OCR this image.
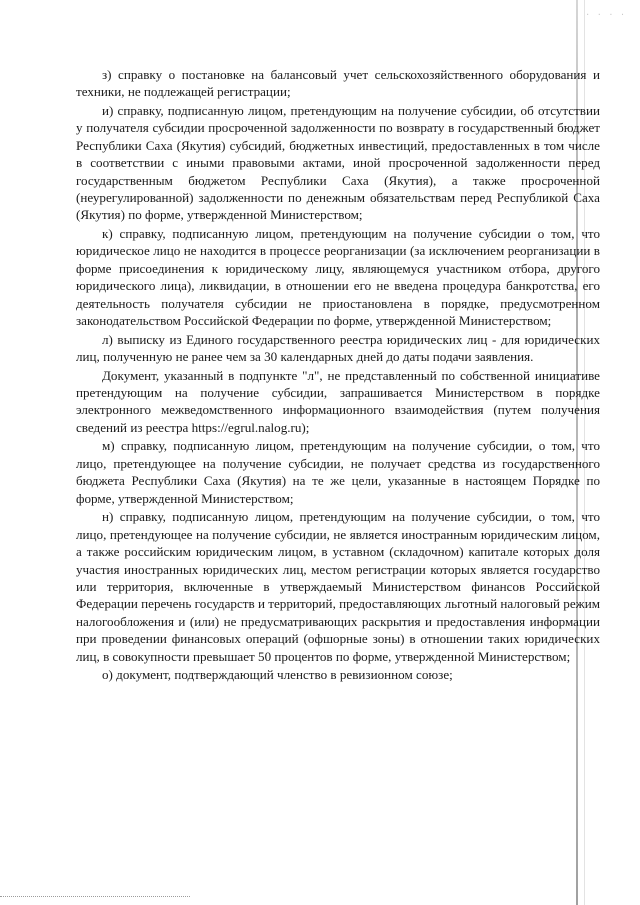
· · · ·

з) справку о постановке на балансовый учет сельскохозяйственного оборудования и техники, не подлежащей регистрации;

и) справку, подписанную лицом, претендующим на получение субсидии, об отсутствии у получателя субсидии просроченной задолженности по возврату в государственный бюджет Республики Саха (Якутия) субсидий, бюджетных инвестиций, предоставленных в том числе в соответствии с иными правовыми актами, иной просроченной задолженности перед государственным бюджетом Республики Саха (Якутия), а также просроченной (неурегулированной) задолженности по денежным обязательствам перед Республикой Саха (Якутия) по форме, утвержденной Министерством;

к) справку, подписанную лицом, претендующим на получение субсидии о том, что юридическое лицо не находится в процессе реорганизации (за исключением реорганизации в форме присоединения к юридическому лицу, являющемуся участником отбора, другого юридического лица), ликвидации, в отношении его не введена процедура банкротства, его деятельность получателя субсидии не приостановлена в порядке, предусмотренном законодательством Российской Федерации по форме, утвержденной Министерством;

л) выписку из Единого государственного реестра юридических лиц - для юридических лиц, полученную не ранее чем за 30 календарных дней до даты подачи заявления.

Документ, указанный в подпункте "л", не представленный по собственной инициативе претендующим на получение субсидии, запрашивается Министерством в порядке электронного межведомственного информационного взаимодействия (путем получения сведений из реестра https://egrul.nalog.ru);

м) справку, подписанную лицом, претендующим на получение субсидии, о том, что лицо, претендующее на получение субсидии, не получает средства из государственного бюджета Республики Саха (Якутия) на те же цели, указанные в настоящем Порядке по форме, утвержденной Министерством;

н) справку, подписанную лицом, претендующим на получение субсидии, о том, что лицо, претендующее на получение субсидии, не является иностранным юридическим лицом, а также российским юридическим лицом, в уставном (складочном) капитале которых доля участия иностранных юридических лиц, местом регистрации которых является государство или территория, включенные в утверждаемый Министерством финансов Российской Федерации перечень государств и территорий, предоставляющих льготный налоговый режим налогообложения и (или) не предусматривающих раскрытия и предоставления информации при проведении финансовых операций (офшорные зоны) в отношении таких юридических лиц, в совокупности превышает 50 процентов по форме, утвержденной Министерством;

о) документ, подтверждающий членство в ревизионном союзе;
